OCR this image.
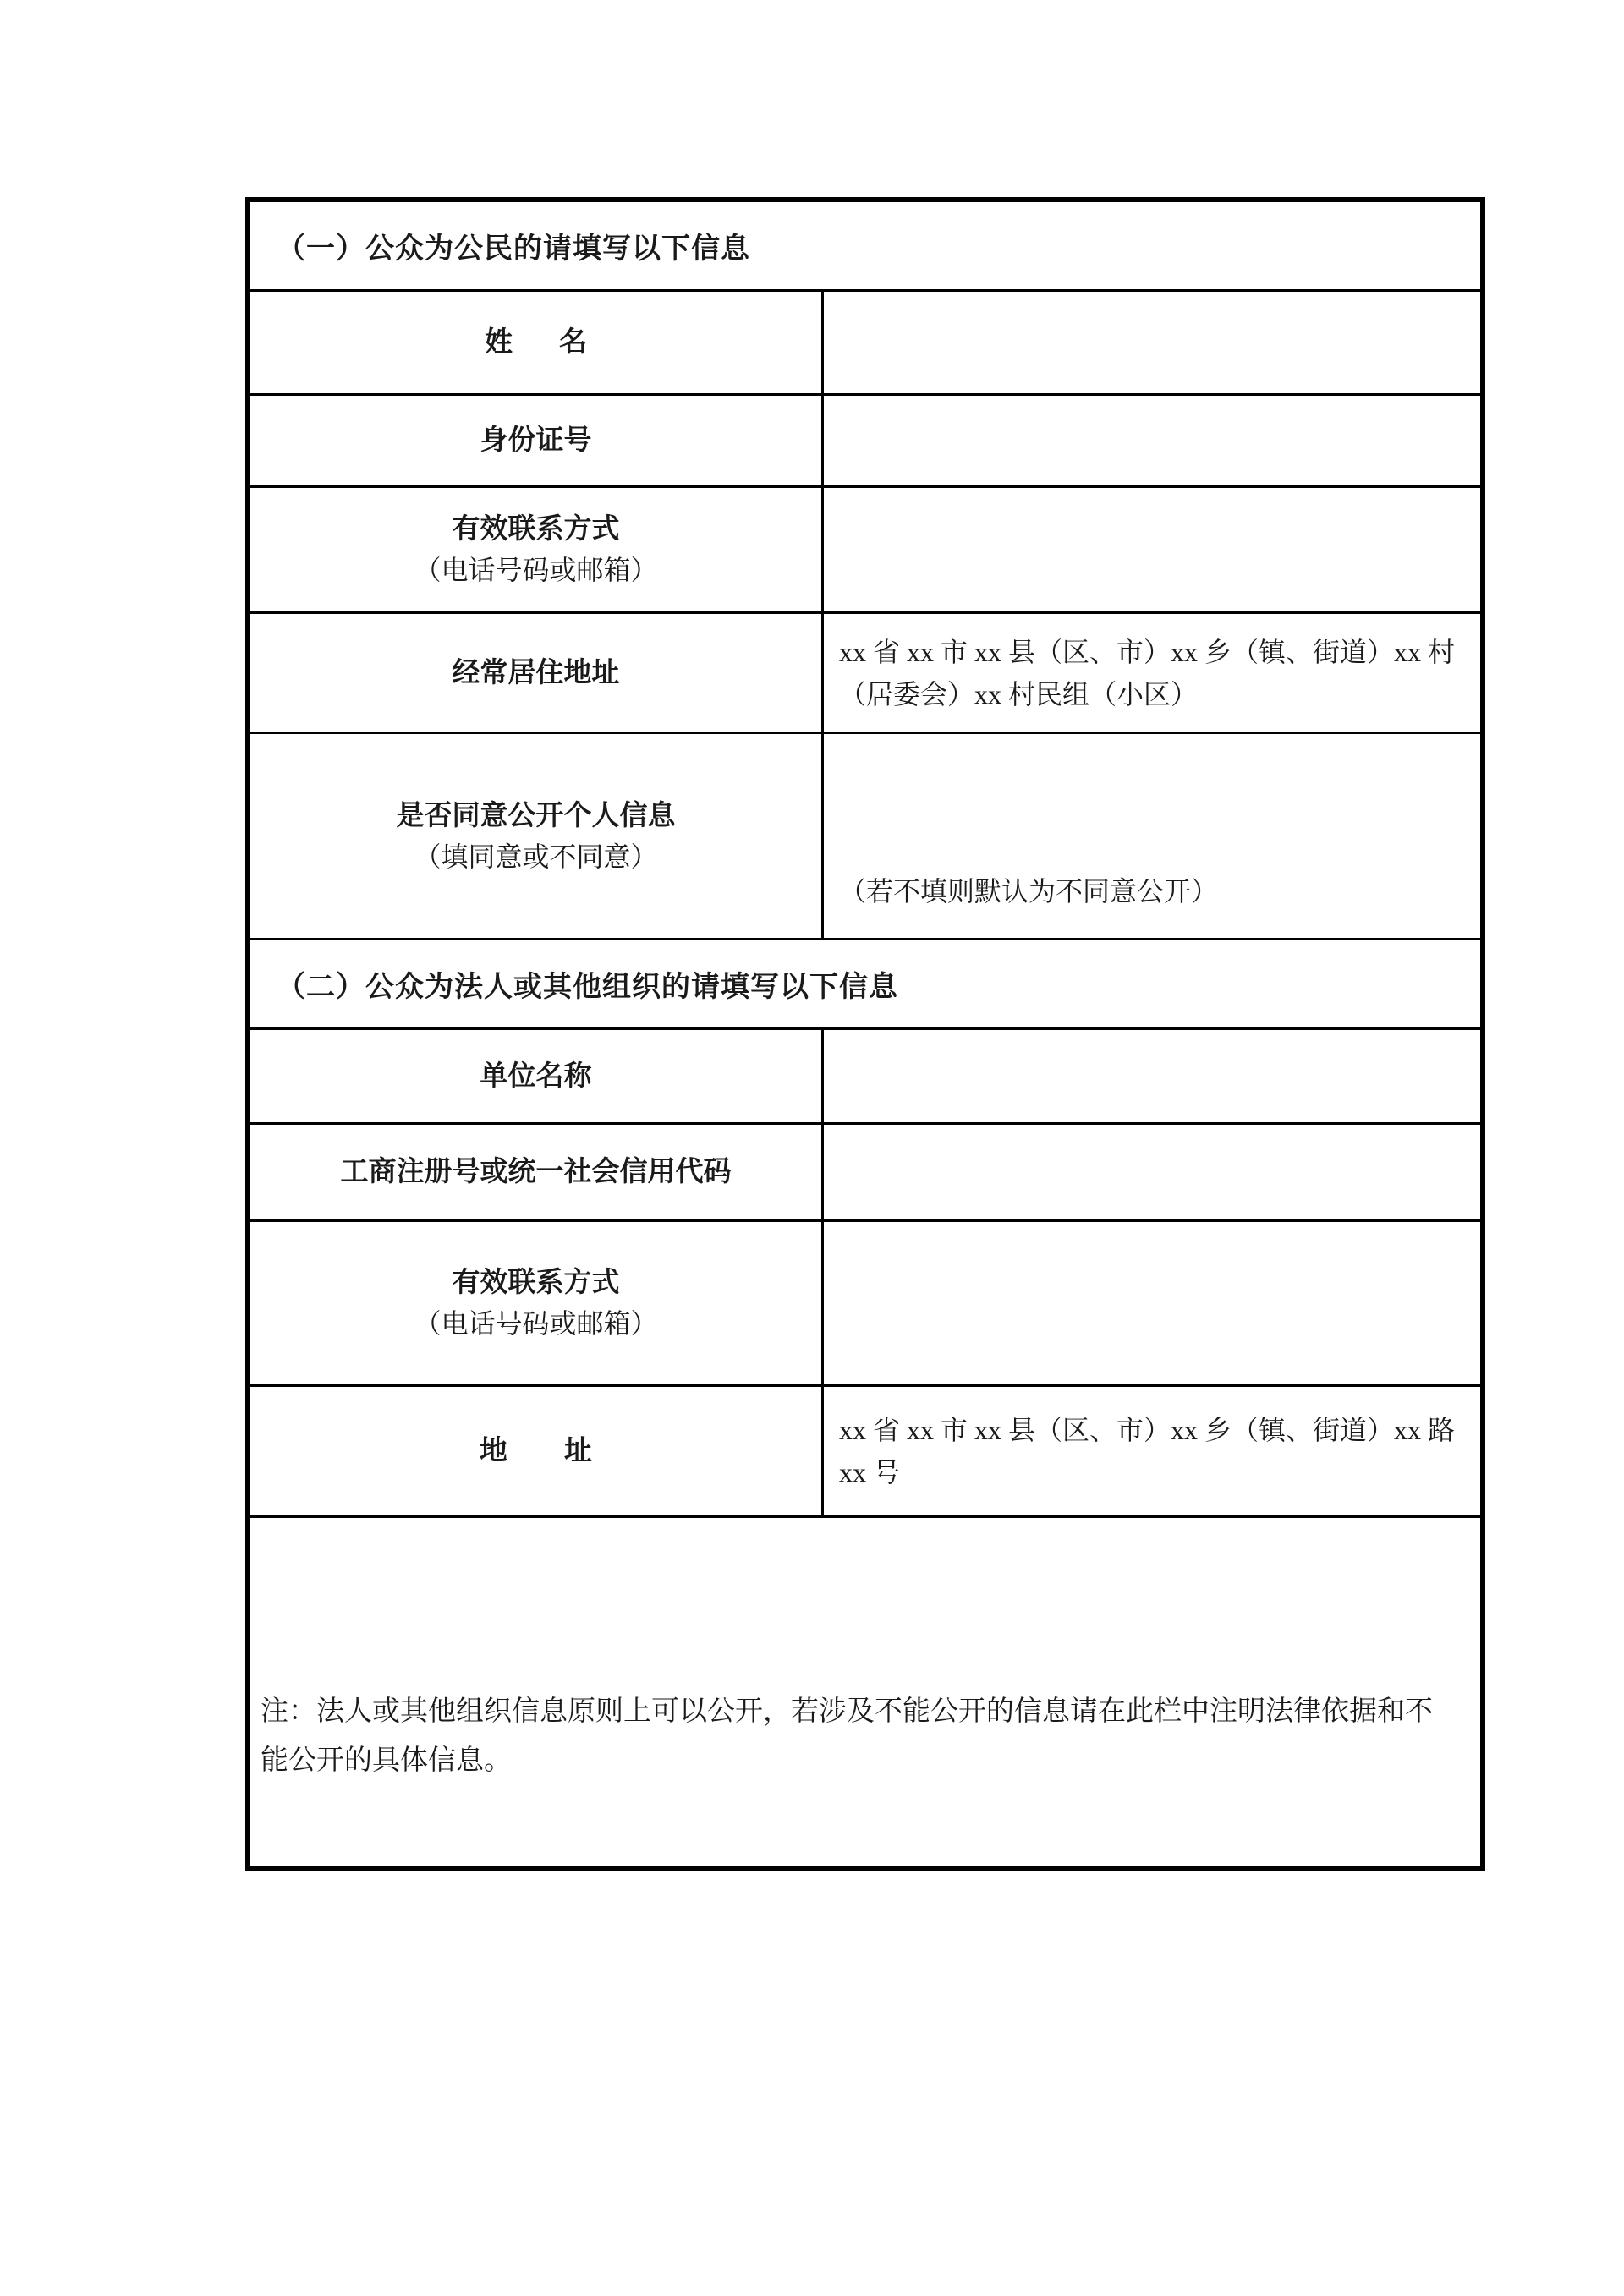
（一）公众为公民的请填写以下信息
姓　名
身份证号
有效联系方式
（电话号码或邮箱）
经常居住地址
xx 省 xx 市 xx 县（区、市）xx 乡（镇、街道）xx 村（居委会）xx 村民组（小区）
是否同意公开个人信息
（填同意或不同意）
（若不填则默认为不同意公开）
（二）公众为法人或其他组织的请填写以下信息
单位名称
工商注册号或统一社会信用代码
有效联系方式
（电话号码或邮箱）
地　址
xx 省 xx 市 xx 县（区、市）xx 乡（镇、街道）xx 路 xx 号
注：法人或其他组织信息原则上可以公开，若涉及不能公开的信息请在此栏中注明法律依据和不能公开的具体信息。
